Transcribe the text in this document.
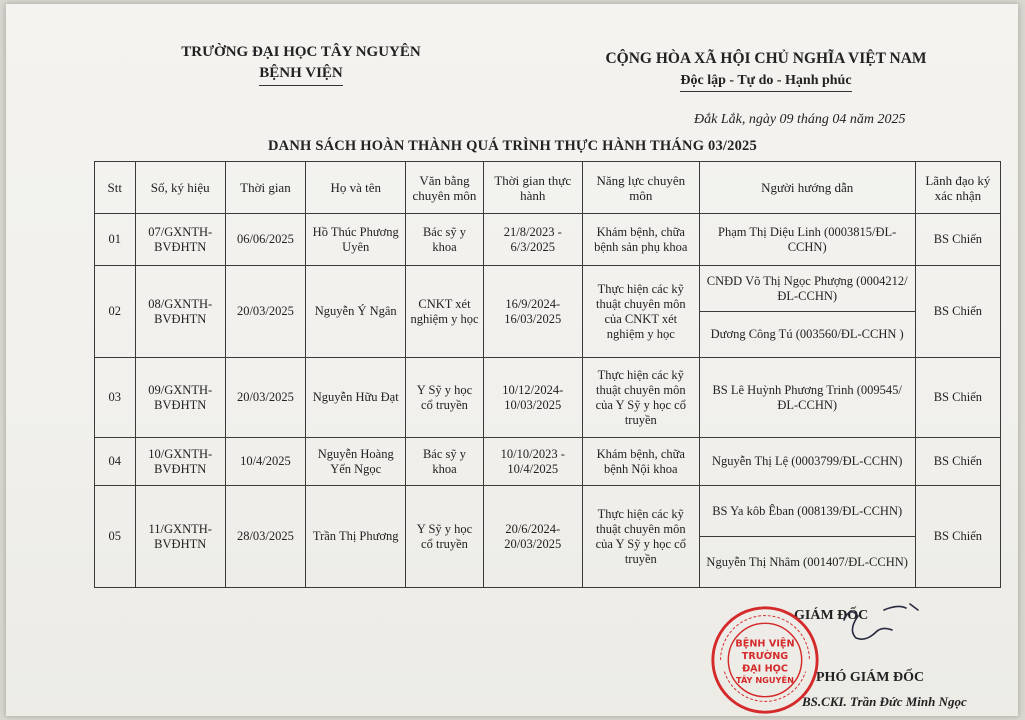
TRƯỜNG ĐẠI HỌC TÂY NGUYÊN
BỆNH VIỆN
CỘNG HÒA XÃ HỘI CHỦ NGHĨA VIỆT NAM
Độc lập - Tự do - Hạnh phúc
Đắk Lắk, ngày 09 tháng 04 năm 2025
DANH SÁCH HOÀN THÀNH QUÁ TRÌNH THỰC HÀNH THÁNG 03/2025
Stt	Số, ký hiệu	Thời gian	Họ và tên	Văn bằng chuyên môn	Thời gian thực hành	Năng lực chuyên môn	Người hướng dẫn	Lãnh đạo ký xác nhận
01	07/GXNTH-BVĐHTN	06/06/2025	Hồ Thúc Phương Uyên	Bác sỹ y khoa	21/8/2023 - 6/3/2025	Khám bệnh, chữa bệnh sản phụ khoa	Phạm Thị Diệu Linh (0003815/ĐL-CCHN)	BS Chiến
02	08/GXNTH-BVĐHTN	20/03/2025	Nguyễn Ý Ngân	CNKT xét nghiệm y học	16/9/2024-16/03/2025	Thực hiện các kỹ thuật chuyên môn của CNKT xét nghiệm y học	CNĐD Võ Thị Ngọc Phượng (0004212/ĐL-CCHN)	BS Chiến
							Dương Công Tú (003560/ĐL-CCHN )	
03	09/GXNTH-BVĐHTN	20/03/2025	Nguyễn Hữu Đạt	Y Sỹ y học cổ truyền	10/12/2024-10/03/2025	Thực hiện các kỹ thuật chuyên môn của Y Sỹ y học cổ truyền	BS Lê Huỳnh Phương Trinh (009545/ĐL-CCHN)	BS Chiến
04	10/GXNTH-BVĐHTN	10/4/2025	Nguyễn Hoàng Yến Ngọc	Bác sỹ y khoa	10/10/2023 - 10/4/2025	Khám bệnh, chữa bệnh Nội khoa	Nguyễn Thị Lệ (0003799/ĐL-CCHN)	BS Chiến
05	11/GXNTH-BVĐHTN	28/03/2025	Trần Thị Phương	Y Sỹ y học cổ truyền	20/6/2024-20/03/2025	Thực hiện các kỹ thuật chuyên môn của Y Sỹ y học cổ truyền	BS Ya kôb Êban (008139/ĐL-CCHN)	BS Chiến
							Nguyễn Thị Nhâm (001407/ĐL-CCHN)	
GIÁM ĐỐC
BỆNH VIỆN
TRƯỜNG
ĐẠI HỌC
TÂY NGUYÊN PHÓ GIÁM ĐỐC
BS.CKI. Trần Đức Minh Ngọc
